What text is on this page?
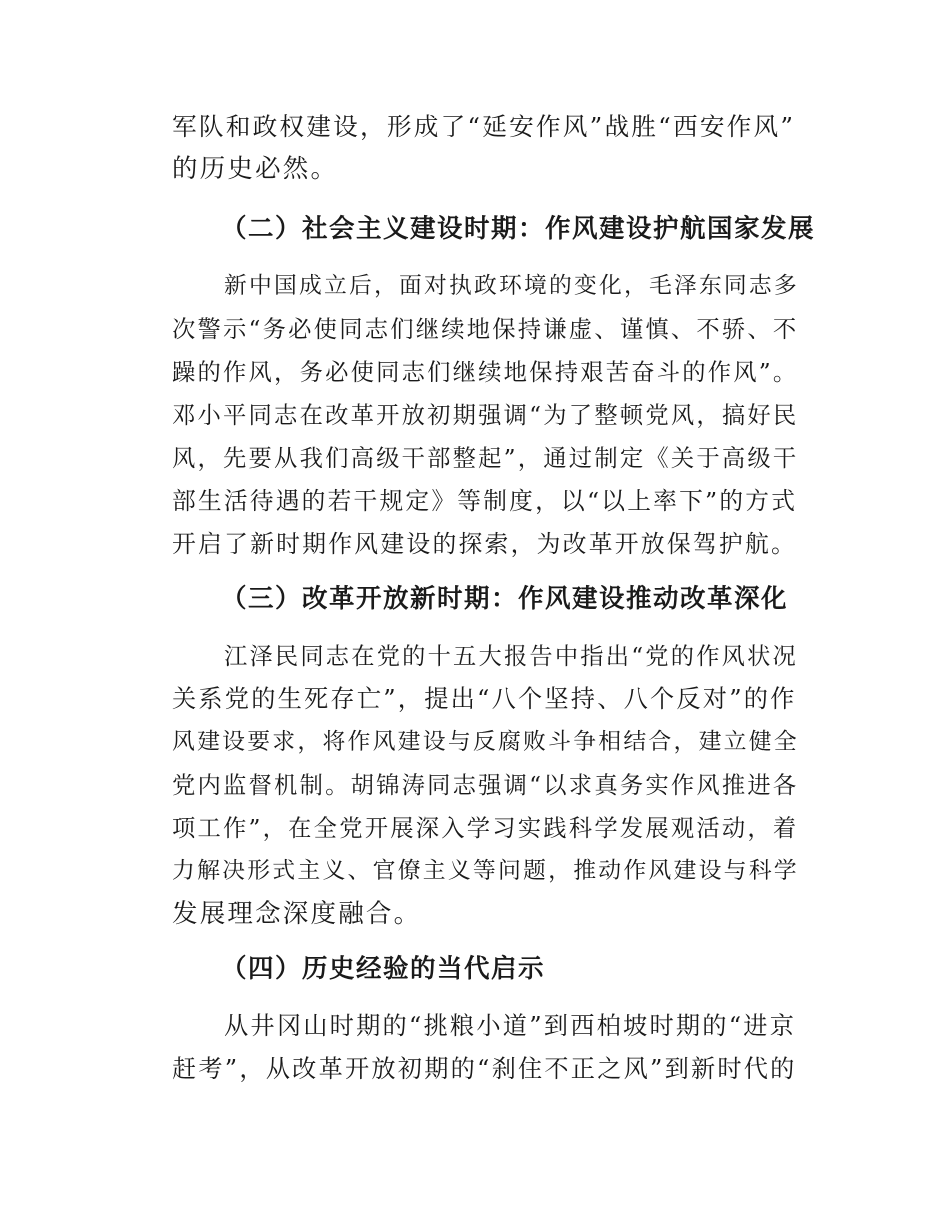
军队和政权建设，形成了“延安作风”战胜“西安作风”
的历史必然。
（二）社会主义建设时期：作风建设护航国家发展
新中国成立后，面对执政环境的变化，毛泽东同志多
次警示“务必使同志们继续地保持谦虚、谨慎、不骄、不
躁的作风，务必使同志们继续地保持艰苦奋斗的作风”。
邓小平同志在改革开放初期强调“为了整顿党风，搞好民
风，先要从我们高级干部整起”，通过制定《关于高级干
部生活待遇的若干规定》等制度，以“以上率下”的方式
开启了新时期作风建设的探索，为改革开放保驾护航。
（三）改革开放新时期：作风建设推动改革深化
江泽民同志在党的十五大报告中指出“党的作风状况
关系党的生死存亡”，提出“八个坚持、八个反对”的作
风建设要求，将作风建设与反腐败斗争相结合，建立健全
党内监督机制。胡锦涛同志强调“以求真务实作风推进各
项工作”，在全党开展深入学习实践科学发展观活动，着
力解决形式主义、官僚主义等问题，推动作风建设与科学
发展理念深度融合。
（四）历史经验的当代启示
从井冈山时期的“挑粮小道”到西柏坡时期的“进京
赶考”，从改革开放初期的“刹住不正之风”到新时代的
